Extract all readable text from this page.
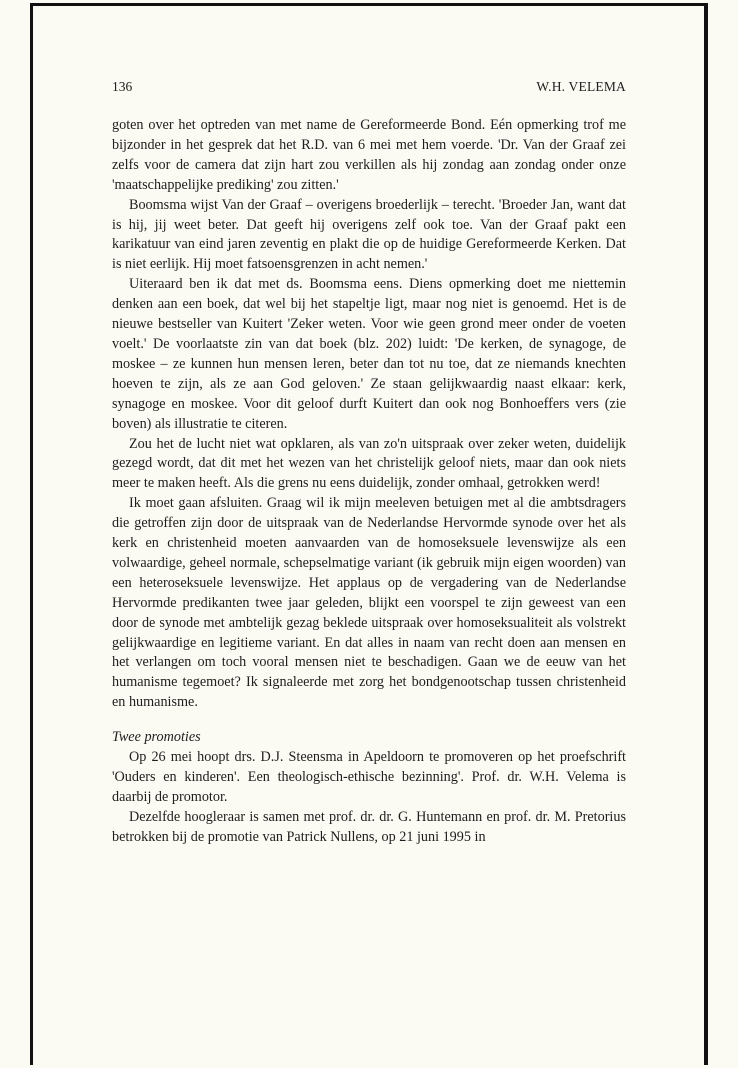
136	W.H. VELEMA

goten over het optreden van met name de Gereformeerde Bond. Eén opmerking trof me bijzonder in het gesprek dat het R.D. van 6 mei met hem voerde. 'Dr. Van der Graaf zei zelfs voor de camera dat zijn hart zou verkillen als hij zondag aan zondag onder onze 'maatschappelijke prediking' zou zitten.'

Boomsma wijst Van der Graaf – overigens broederlijk – terecht. 'Broeder Jan, want dat is hij, jij weet beter. Dat geeft hij overigens zelf ook toe. Van der Graaf pakt een karikatuur van eind jaren zeventig en plakt die op de huidige Gereformeerde Kerken. Dat is niet eerlijk. Hij moet fatsoensgrenzen in acht nemen.'

Uiteraard ben ik dat met ds. Boomsma eens. Diens opmerking doet me niettemin denken aan een boek, dat wel bij het stapeltje ligt, maar nog niet is genoemd. Het is de nieuwe bestseller van Kuitert 'Zeker weten. Voor wie geen grond meer onder de voeten voelt.' De voorlaatste zin van dat boek (blz. 202) luidt: 'De kerken, de synagoge, de moskee – ze kunnen hun mensen leren, beter dan tot nu toe, dat ze niemands knechten hoeven te zijn, als ze aan God geloven.' Ze staan gelijkwaardig naast elkaar: kerk, synagoge en moskee. Voor dit geloof durft Kuitert dan ook nog Bonhoeffers vers (zie boven) als illustratie te citeren.

Zou het de lucht niet wat opklaren, als van zo'n uitspraak over zeker weten, duidelijk gezegd wordt, dat dit met het wezen van het christelijk geloof niets, maar dan ook niets meer te maken heeft. Als die grens nu eens duidelijk, zonder omhaal, getrokken werd!

Ik moet gaan afsluiten. Graag wil ik mijn meeleven betuigen met al die ambtsdragers die getroffen zijn door de uitspraak van de Nederlandse Hervormde synode over het als kerk en christenheid moeten aanvaarden van de homoseksuele levenswijze als een volwaardige, geheel normale, schepselmatige variant (ik gebruik mijn eigen woorden) van een heteroseksuele levenswijze. Het applaus op de vergadering van de Nederlandse Hervormde predikanten twee jaar geleden, blijkt een voorspel te zijn geweest van een door de synode met ambtelijk gezag beklede uitspraak over homoseksualiteit als volstrekt gelijkwaardige en legitieme variant. En dat alles in naam van recht doen aan mensen en het verlangen om toch vooral mensen niet te beschadigen. Gaan we de eeuw van het humanisme tegemoet? Ik signaleerde met zorg het bondgenootschap tussen christenheid en humanisme.

Twee promoties

Op 26 mei hoopt drs. D.J. Steensma in Apeldoorn te promoveren op het proefschrift 'Ouders en kinderen'. Een theologisch-ethische bezinning'. Prof. dr. W.H. Velema is daarbij de promotor.

Dezelfde hoogleraar is samen met prof. dr. dr. G. Huntemann en prof. dr. M. Pretorius betrokken bij de promotie van Patrick Nullens, op 21 juni 1995 in
